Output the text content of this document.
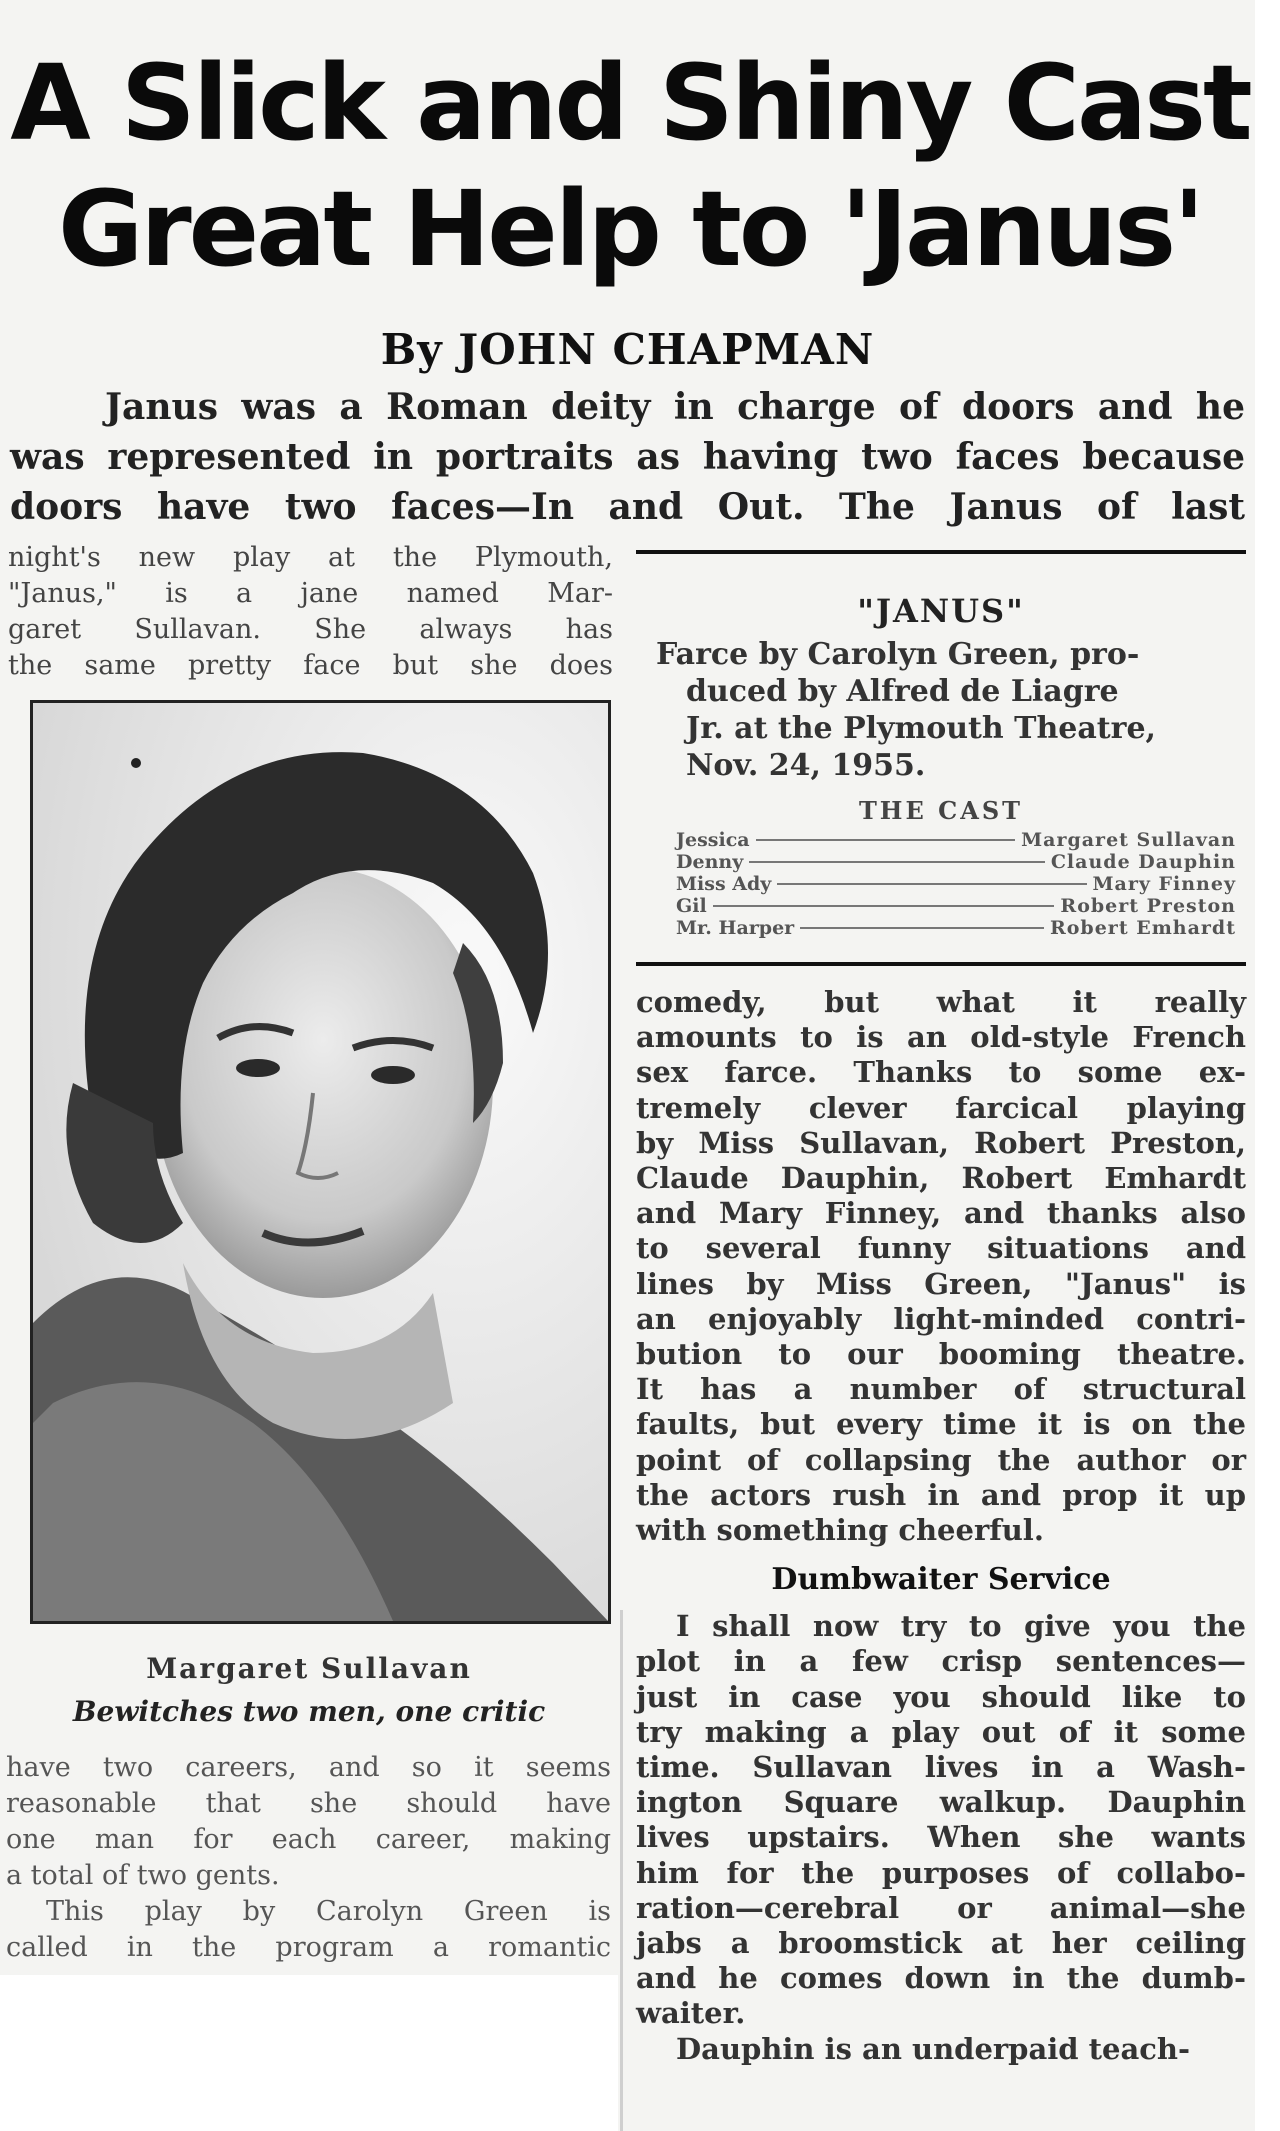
A Slick and Shiny Cast
Great Help to 'Janus'
By JOHN CHAPMAN
Janus was a Roman deity in charge of doors and he
was represented in portraits as having two faces because
doors have two faces—In and Out. The Janus of last
night's new play at the Plymouth,
"Janus," is a jane named Mar-
garet Sullavan. She always has
the same pretty face but she does
Margaret Sullavan
Bewitches two men, one critic
have two careers, and so it seems
reasonable that she should have
one man for each career, making
a total of two gents.
This play by Carolyn Green is
called in the program a romantic
"JANUS"
Farce by Carolyn Green, pro-
duced by Alfred de Liagre
Jr. at the Plymouth Theatre,
Nov. 24, 1955.
THE CAST
Jessica	Margaret Sullavan
Denny	Claude Dauphin
Miss Ady	Mary Finney
Gil	Robert Preston
Mr. Harper	Robert Emhardt
comedy, but what it really
amounts to is an old-style French
sex farce. Thanks to some ex-
tremely clever farcical playing
by Miss Sullavan, Robert Preston,
Claude Dauphin, Robert Emhardt
and Mary Finney, and thanks also
to several funny situations and
lines by Miss Green, "Janus" is
an enjoyably light-minded contri-
bution to our booming theatre.
It has a number of structural
faults, but every time it is on the
point of collapsing the author or
the actors rush in and prop it up
with something cheerful.
Dumbwaiter Service
I shall now try to give you the
plot in a few crisp sentences—
just in case you should like to
try making a play out of it some
time. Sullavan lives in a Wash-
ington Square walkup. Dauphin
lives upstairs. When she wants
him for the purposes of collabo-
ration—cerebral or animal—she
jabs a broomstick at her ceiling
and he comes down in the dumb-
waiter.
Dauphin is an underpaid teach-
